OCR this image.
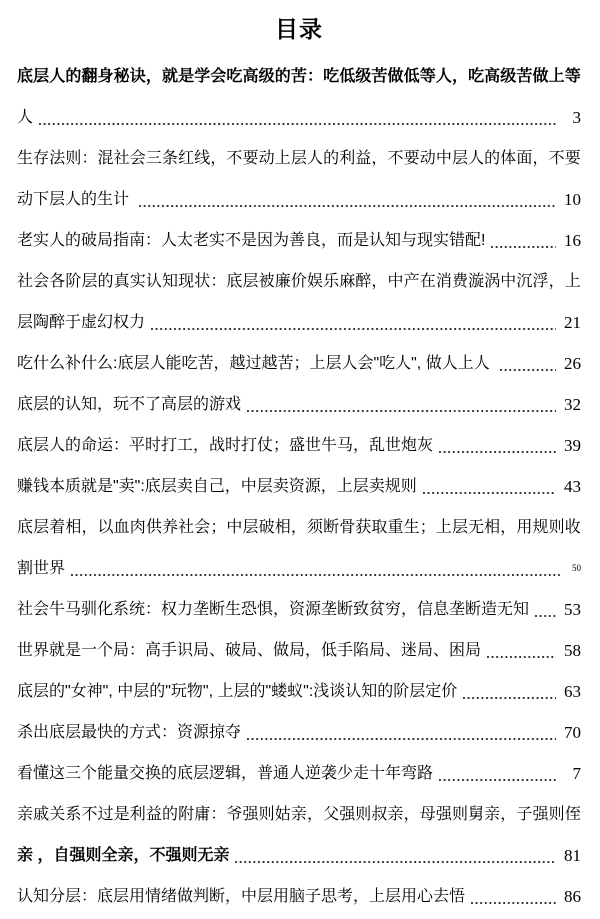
目录
底 层 人 的 翻 身 秘 诀 ， 就 是 学 会 吃 高 级 的 苦 ： 吃 低 级 苦 做 低 等 人 ， 吃 高 级 苦 做 上 等
人	3
生 存 法 则 ： 混 社 会 三 条 红 线 ， 不 要 动 上 层 人 的 利 益 ， 不 要 动 中 层 人 的 体 面 ， 不 要
动下层人的生计	10
老实人的破局指南：人太老实不是因为善良，而是认知与现实错配!	16
社 会 各 阶 层 的 真 实 认 知 现 状 ： 底 层 被 廉 价 娱 乐 麻 醉 ， 中 产 在 消 费 漩 涡 中 沉 浮 ， 上
层陶醉于虚幻权力	21
吃什么补什么:底层人能吃苦，越过越苦；上层人会"吃人", 做人上人	26
底层的认知，玩不了高层的游戏	32
底层人的命运：平时打工，战时打仗；盛世牛马，乱世炮灰	39
赚钱本质就是"卖":底层卖自己，中层卖资源，上层卖规则	43
底 层 着 相 ， 以 血 肉 供 养 社 会 ； 中 层 破 相 ， 须 断 骨 获 取 重 生 ； 上 层 无 相 ， 用 规 则 收
割世界	50
社会牛马驯化系统：权力垄断生恐惧，资源垄断致贫穷，信息垄断造无知 53
世界就是一个局：高手识局、破局、做局，低手陷局、迷局、困局	58
底层的"女神", 中层的"玩物", 上层的"蝼蚁":浅谈认知的阶层定价	63
杀出底层最快的方式：资源掠夺	70
看懂这三个能量交换的底层逻辑，普通人逆袭少走十年弯路	7
亲 戚 关 系 不 过 是 利 益 的 附 庸 ： 爷 强 则 姑 亲 ， 父 强 则 叔 亲 ， 母 强 则 舅 亲 ， 子 强 则 侄
亲 ，自强则全亲，不强则无亲	81
认知分层：底层用情绪做判断，中层用脑子思考，上层用心去悟	86
